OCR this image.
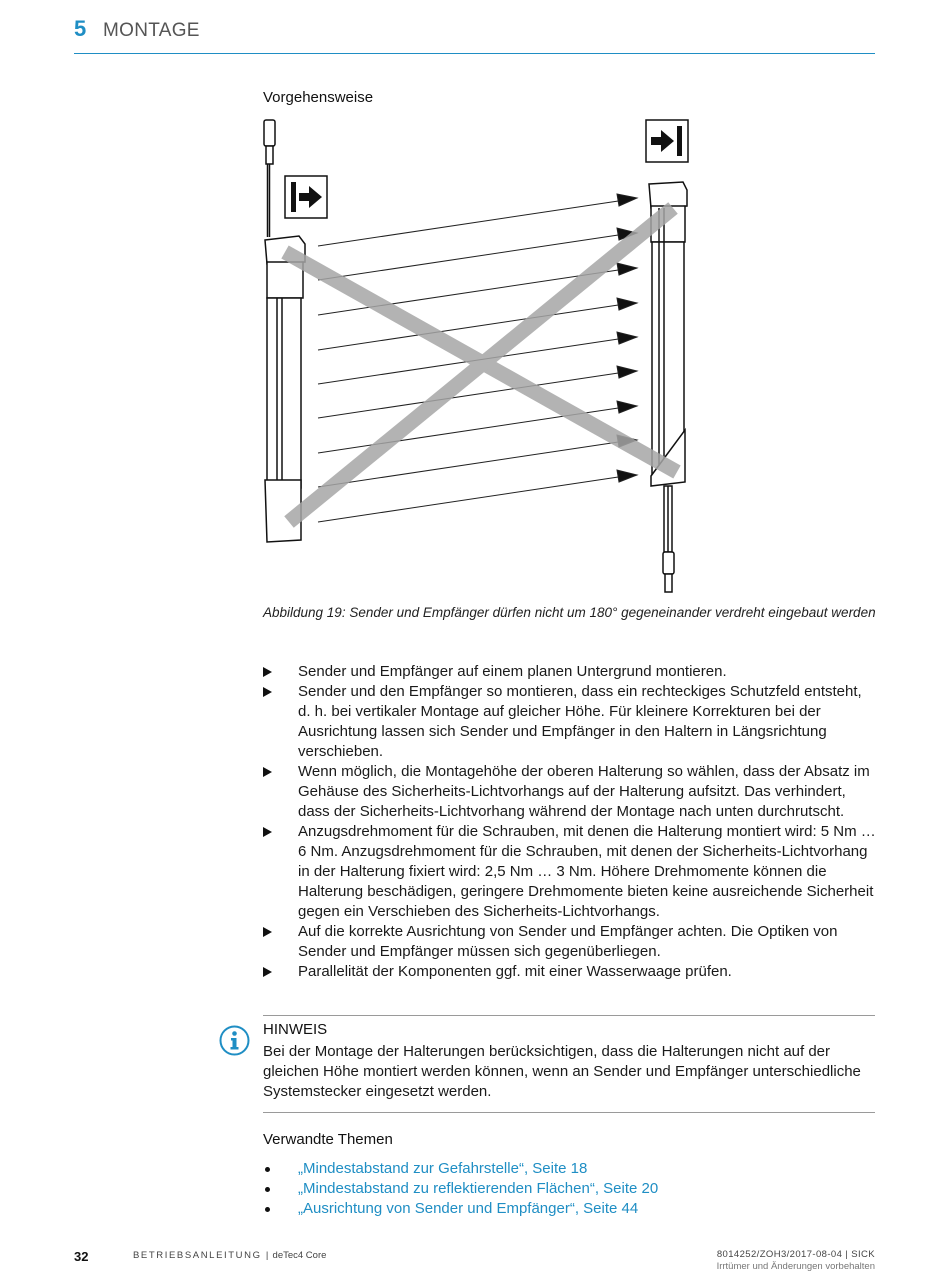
5 MONTAGE
Vorgehensweise
Abbildung 19: Sender und Empfänger dürfen nicht um 180° gegeneinander verdreht eingebaut werden
Sender und Empfänger auf einem planen Untergrund montieren.
Sender und den Empfänger so montieren, dass ein rechteckiges Schutzfeld entsteht, d. h. bei vertikaler Montage auf gleicher Höhe. Für kleinere Korrekturen bei der Ausrichtung lassen sich Sender und Empfänger in den Haltern in Längsrichtung verschieben.
Wenn möglich, die Montagehöhe der oberen Halterung so wählen, dass der Absatz im Gehäuse des Sicherheits-Lichtvorhangs auf der Halterung aufsitzt. Das verhindert, dass der Sicherheits-Lichtvorhang während der Montage nach unten durchrutscht.
Anzugsdrehmoment für die Schrauben, mit denen die Halterung montiert wird: 5 Nm … 6 Nm. Anzugsdrehmoment für die Schrauben, mit denen der Sicherheits-Lichtvorhang in der Halterung fixiert wird: 2,5 Nm … 3 Nm. Höhere Drehmomente können die Halterung beschädigen, geringere Drehmomente bieten keine ausreichende Sicherheit gegen ein Verschieben des Sicherheits-Lichtvorhangs.
Auf die korrekte Ausrichtung von Sender und Empfänger achten. Die Optiken von Sender und Empfänger müssen sich gegenüberliegen.
Parallelität der Komponenten ggf. mit einer Wasserwaage prüfen.
HINWEIS
Bei der Montage der Halterungen berücksichtigen, dass die Halterungen nicht auf der gleichen Höhe montiert werden können, wenn an Sender und Empfänger unterschiedliche Systemstecker eingesetzt werden.
Verwandte Themen
„Mindestabstand zur Gefahrstelle“, Seite 18
„Mindestabstand zu reflektierenden Flächen“, Seite 20
„Ausrichtung von Sender und Empfänger“, Seite 44
32	BETRIEBSANLEITUNG | deTec4 Core	8014252/ZOH3/2017-08-04 | SICK
Irrtümer und Änderungen vorbehalten
